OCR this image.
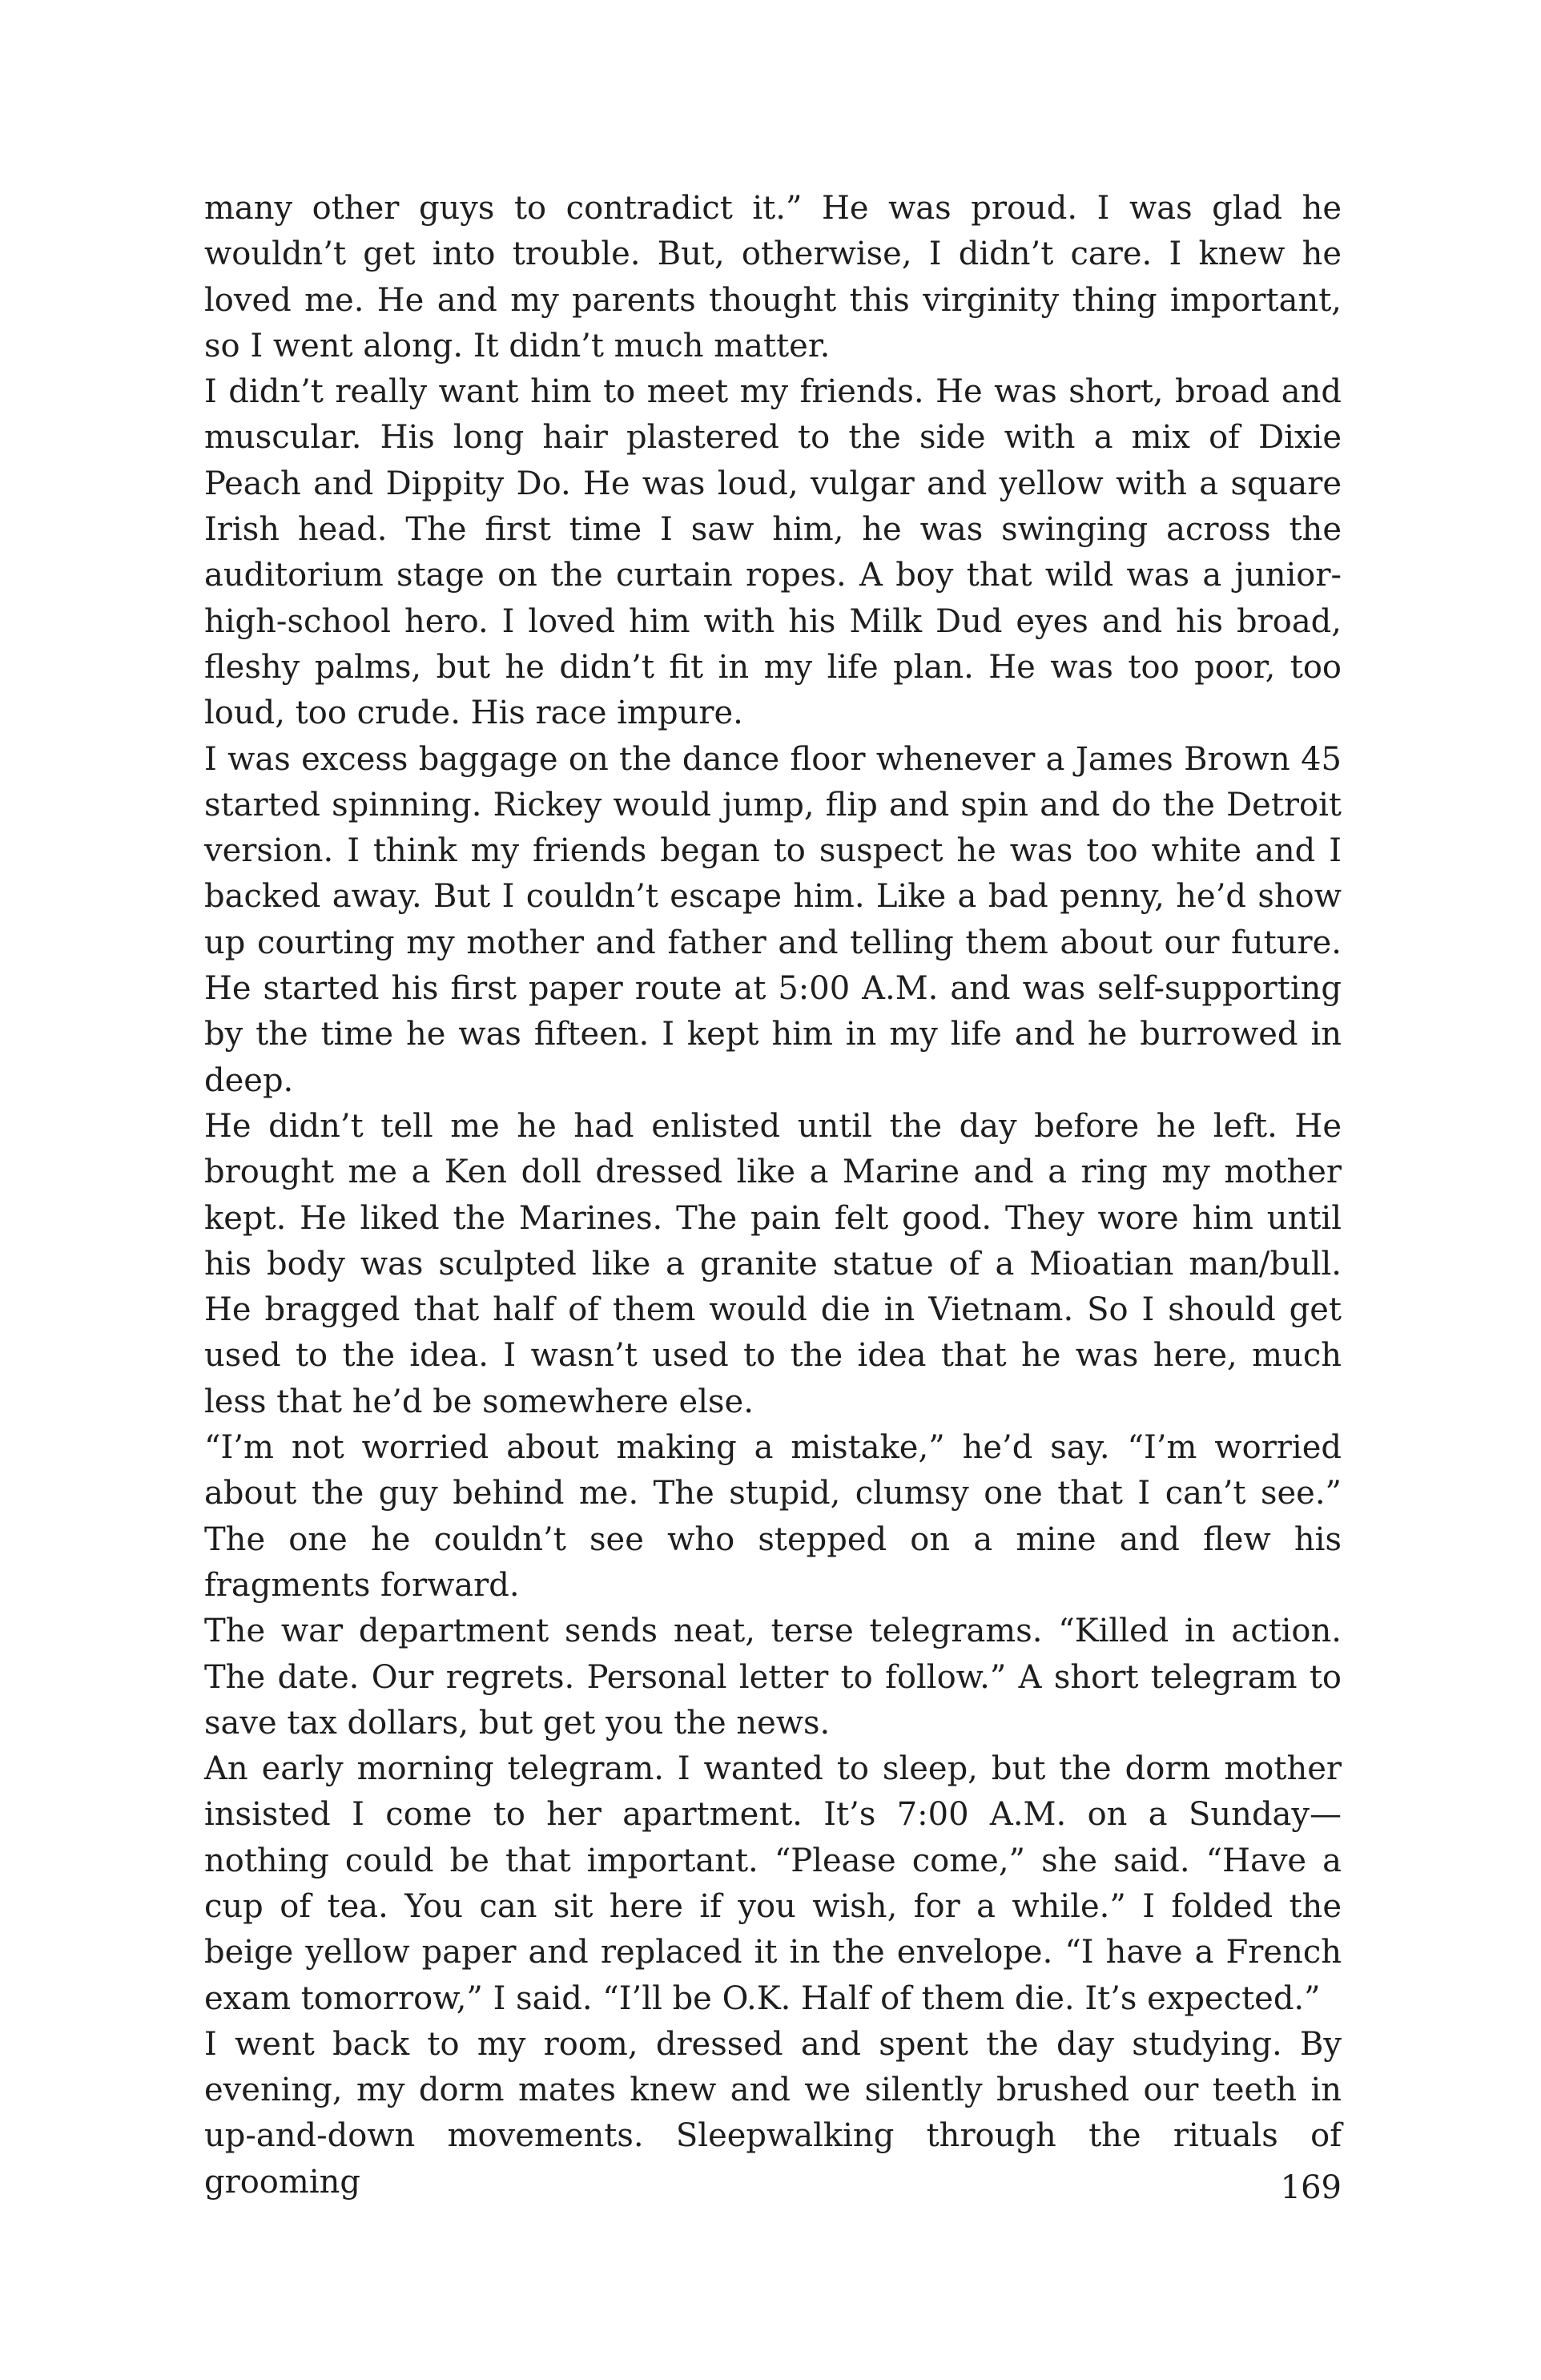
many other guys to contradict it.” He was proud. I was glad he wouldn’t get into trouble. But, otherwise, I didn’t care. I knew he loved me. He and my parents thought this virginity thing important, so I went along. It didn’t much matter.

I didn’t really want him to meet my friends. He was short, broad and muscular. His long hair plastered to the side with a mix of Dixie Peach and Dippity Do. He was loud, vulgar and yellow with a square Irish head. The first time I saw him, he was swinging across the auditorium stage on the curtain ropes. A boy that wild was a junior-high-school hero. I loved him with his Milk Dud eyes and his broad, fleshy palms, but he didn’t fit in my life plan. He was too poor, too loud, too crude. His race impure.

I was excess baggage on the dance floor whenever a James Brown 45 started spinning. Rickey would jump, flip and spin and do the Detroit version. I think my friends began to suspect he was too white and I backed away. But I couldn’t escape him. Like a bad penny, he’d show up courting my mother and father and telling them about our future. He started his first paper route at 5:00 A.M. and was self-supporting by the time he was fifteen. I kept him in my life and he burrowed in deep.

He didn’t tell me he had enlisted until the day before he left. He brought me a Ken doll dressed like a Marine and a ring my mother kept. He liked the Marines. The pain felt good. They wore him until his body was sculpted like a granite statue of a Mioatian man/bull. He bragged that half of them would die in Vietnam. So I should get used to the idea. I wasn’t used to the idea that he was here, much less that he’d be somewhere else.

“I’m not worried about making a mistake,” he’d say. “I’m worried about the guy behind me. The stupid, clumsy one that I can’t see.” The one he couldn’t see who stepped on a mine and flew his fragments forward.

The war department sends neat, terse telegrams. “Killed in action. The date. Our regrets. Personal letter to follow.” A short telegram to save tax dollars, but get you the news.

An early morning telegram. I wanted to sleep, but the dorm mother insisted I come to her apartment. It’s 7:00 A.M. on a Sunday—nothing could be that important. “Please come,” she said. “Have a cup of tea. You can sit here if you wish, for a while.” I folded the beige yellow paper and replaced it in the envelope. “I have a French exam tomorrow,” I said. “I’ll be O.K. Half of them die. It’s expected.”

I went back to my room, dressed and spent the day studying. By evening, my dorm mates knew and we silently brushed our teeth in up-and-down movements. Sleepwalking through the rituals of grooming	169
